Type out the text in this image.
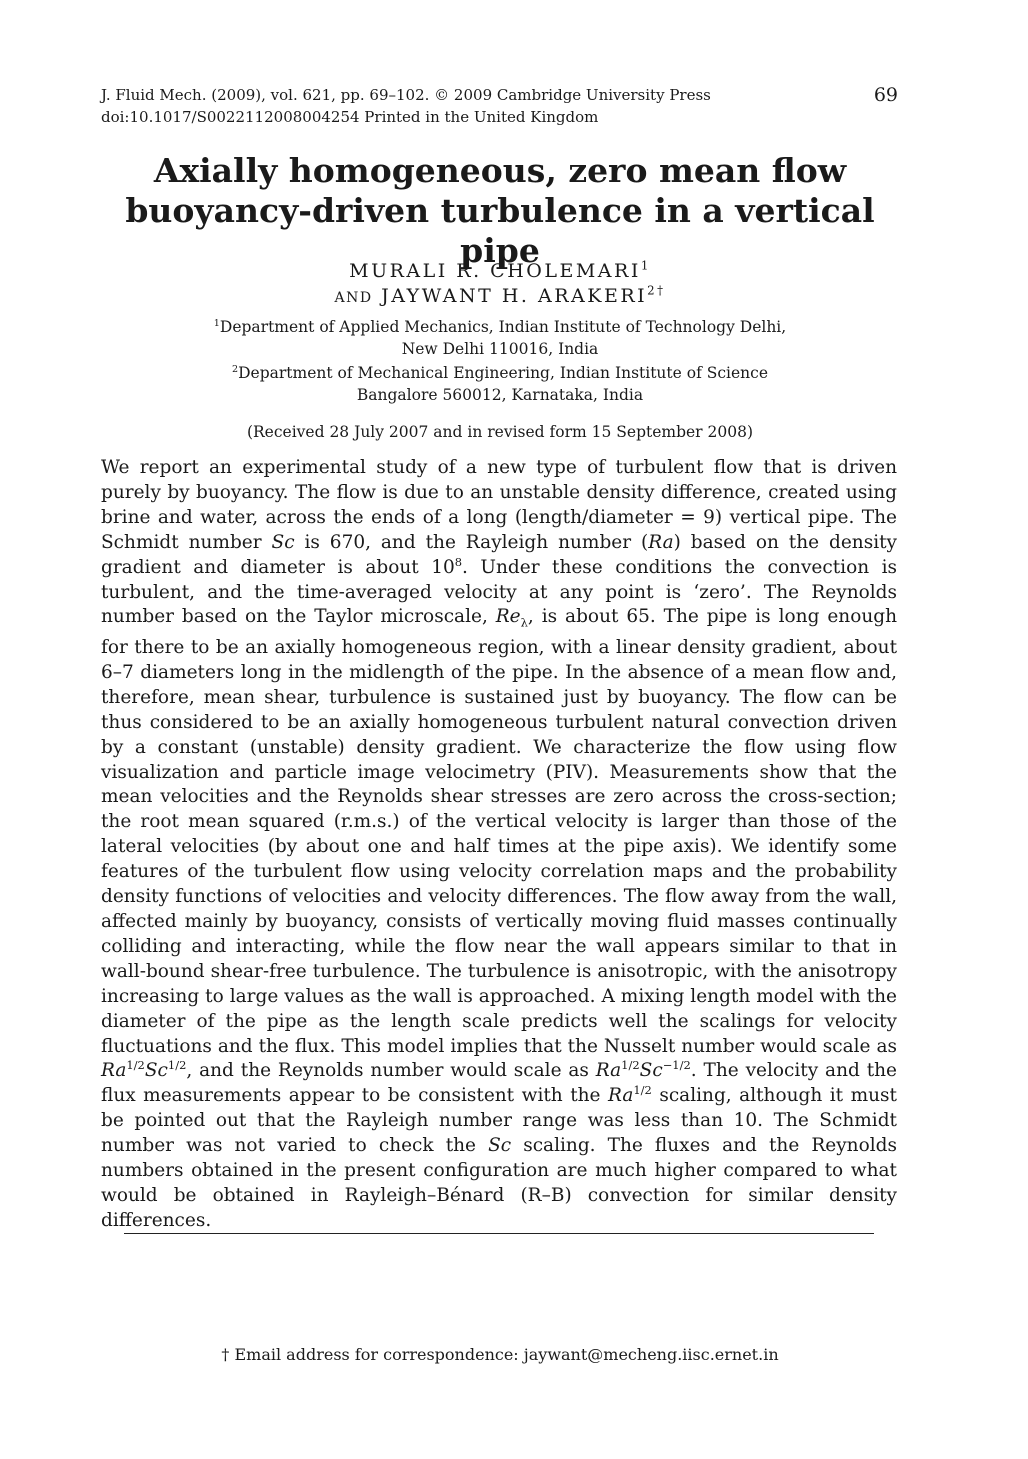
J. Fluid Mech. (2009), vol. 621, pp. 69–102. © 2009 Cambridge University Press
doi:10.1017/S0022112008004254 Printed in the United Kingdom
69
Axially homogeneous, zero mean flow
buoyancy-driven turbulence in a vertical pipe
MURALI R. CHOLEMARI$^1$
AND JAYWANT H. $ARAKERI^{2\dagger}$
$^1$Department of Applied Mechanics, Indian Institute of Technology Delhi,
New Delhi 110016, India
$^2$Department of Mechanical Engineering, Indian Institute of Science
Bangalore 560012, Karnataka, India
(Received 28 July 2007 and in revised form 15 September 2008)

We report an experimental study of a new type of turbulent flow that is driven purely by buoyancy. The flow is due to an unstable density difference, created using brine and water, across the ends of a long (length/diameter = 9) vertical pipe. The Schmidt number Sc is 670, and the Rayleigh number (Ra) based on the density gradient and diameter is about $10^8$. Under these conditions the convection is turbulent, and the time-averaged velocity at any point is ‘zero’. The Reynolds number based on the Taylor microscale, $Re_\lambda$, is about 65. The pipe is long enough for there to be an axially homogeneous region, with a linear density gradient, about 6–7 diameters long in the midlength of the pipe. In the absence of a mean flow and, therefore, mean shear, turbulence is sustained just by buoyancy. The flow can be thus considered to be an axially homogeneous turbulent natural convection driven by a constant (unstable) density gradient. We characterize the flow using flow visualization and particle image velocimetry (PIV). Measurements show that the mean velocities and the Reynolds shear stresses are zero across the cross-section; the root mean squared (r.m.s.) of the vertical velocity is larger than those of the lateral velocities (by about one and half times at the pipe axis). We identify some features of the turbulent flow using velocity correlation maps and the probability density functions of velocities and velocity differences. The flow away from the wall, affected mainly by buoyancy, consists of vertically moving fluid masses continually colliding and interacting, while the flow near the wall appears similar to that in wall-bound shear-free turbulence. The turbulence is anisotropic, with the anisotropy increasing to large values as the wall is approached. A mixing length model with the diameter of the pipe as the length scale predicts well the scalings for velocity fluctuations and the flux. This model implies that the Nusselt number would scale as $Ra^{1/2}Sc^{1/2}$, and the Reynolds number would scale as $Ra^{1/2}Sc^{-1/2}$. The velocity and the flux measurements appear to be consistent with the $Ra^{1/2}$ scaling, although it must be pointed out that the Rayleigh number range was less than 10. The Schmidt number was not varied to check the Sc scaling. The fluxes and the Reynolds numbers obtained in the present configuration are much higher compared to what would be obtained in Rayleigh–Bénard (R–B) convection for similar density differences.

† Email address for correspondence: jaywant@mecheng.iisc.ernet.in
